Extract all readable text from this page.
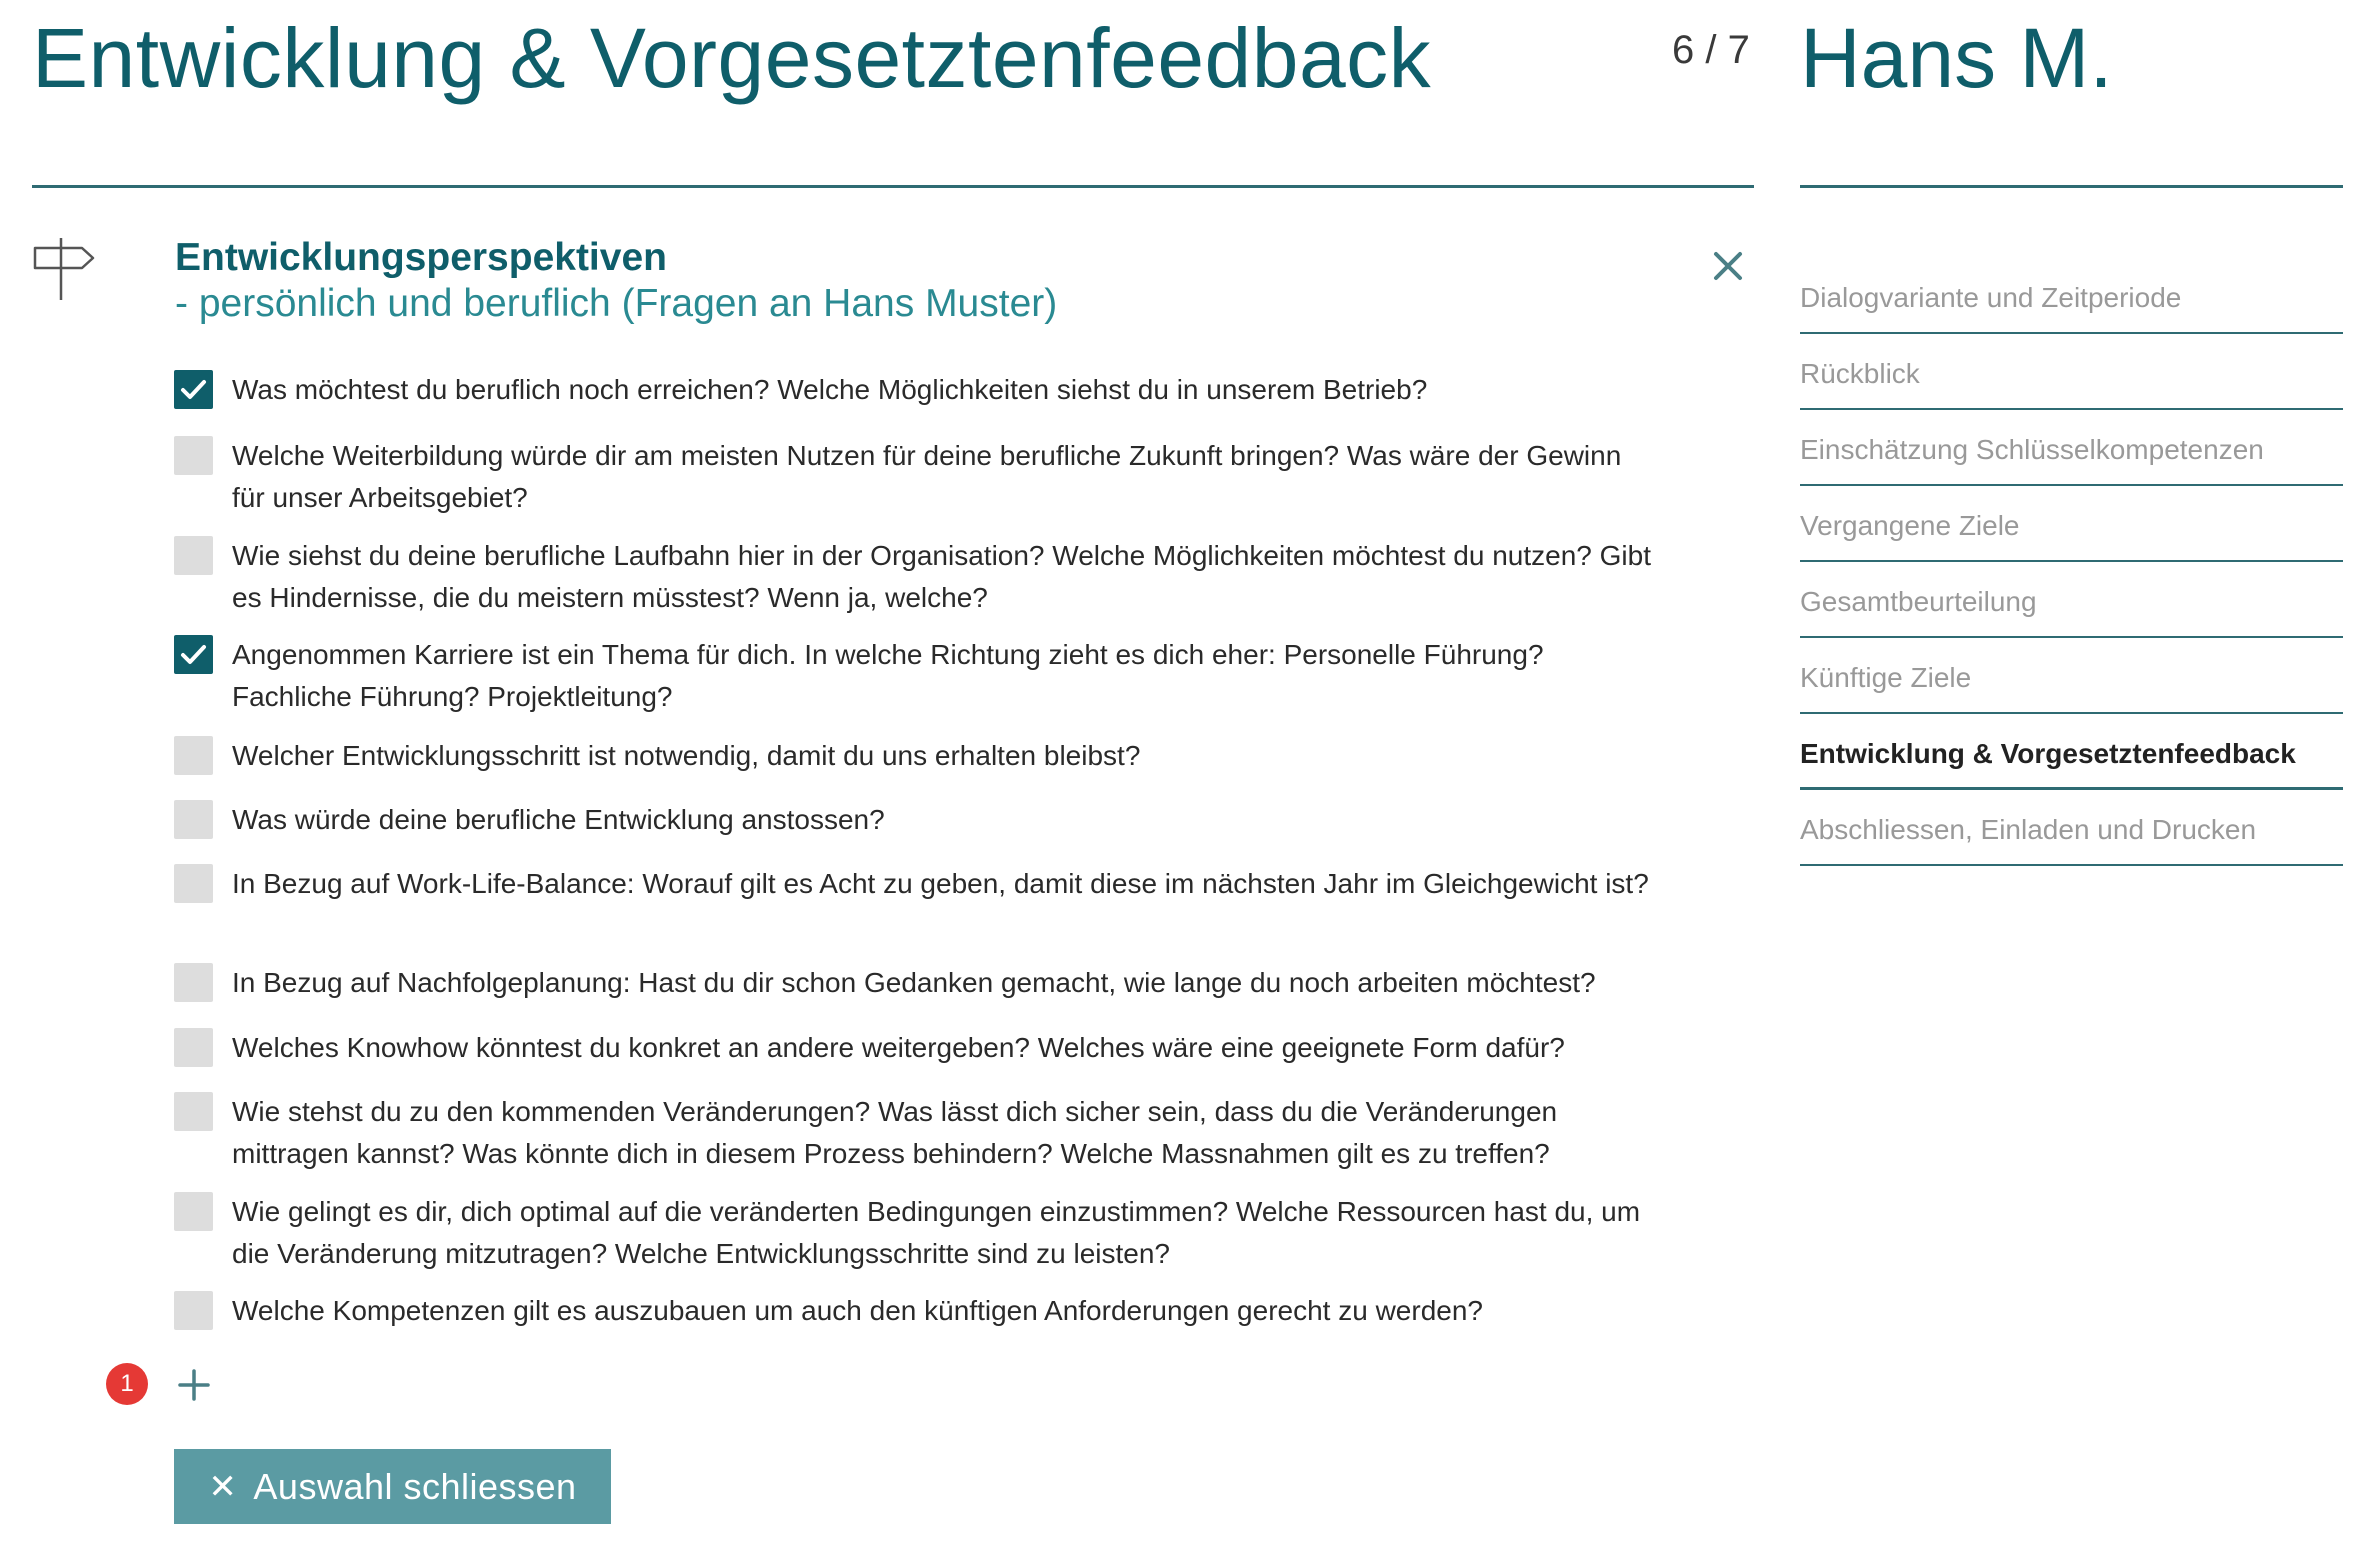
Entwicklung & Vorgesetztenfeedback	6 / 7 Hans M.
Entwicklungsperspektiven
- persönlich und beruflich (Fragen an Hans Muster)
Was möchtest du beruflich noch erreichen? Welche Möglichkeiten siehst du in unserem Betrieb?
Welche Weiterbildung würde dir am meisten Nutzen für deine berufliche Zukunft bringen? Was wäre der Gewinn für unser Arbeitsgebiet?
Wie siehst du deine berufliche Laufbahn hier in der Organisation? Welche Möglichkeiten möchtest du nutzen? Gibt es Hindernisse, die du meistern müsstest? Wenn ja, welche?
Angenommen Karriere ist ein Thema für dich. In welche Richtung zieht es dich eher: Personelle Führung? Fachliche Führung? Projektleitung?
Welcher Entwicklungsschritt ist notwendig, damit du uns erhalten bleibst?
Was würde deine berufliche Entwicklung anstossen?
In Bezug auf Work-Life-Balance: Worauf gilt es Acht zu geben, damit diese im nächsten Jahr im Gleichgewicht ist?
In Bezug auf Nachfolgeplanung: Hast du dir schon Gedanken gemacht, wie lange du noch arbeiten möchtest?
Welches Knowhow könntest du konkret an andere weitergeben? Welches wäre eine geeignete Form dafür?
Wie stehst du zu den kommenden Veränderungen? Was lässt dich sicher sein, dass du die Veränderungen mittragen kannst? Was könnte dich in diesem Prozess behindern? Welche Massnahmen gilt es zu treffen?
Wie gelingt es dir, dich optimal auf die veränderten Bedingungen einzustimmen? Welche Ressourcen hast du, um die Veränderung mitzutragen? Welche Entwicklungsschritte sind zu leisten?
Welche Kompetenzen gilt es auszubauen um auch den künftigen Anforderungen gerecht zu werden?
1
✕ Auswahl schliessen
Dialogvariante und Zeitperiode
Rückblick
Einschätzung Schlüsselkompetenzen
Vergangene Ziele
Gesamtbeurteilung
Künftige Ziele
Entwicklung & Vorgesetztenfeedback
Abschliessen, Einladen und Drucken
